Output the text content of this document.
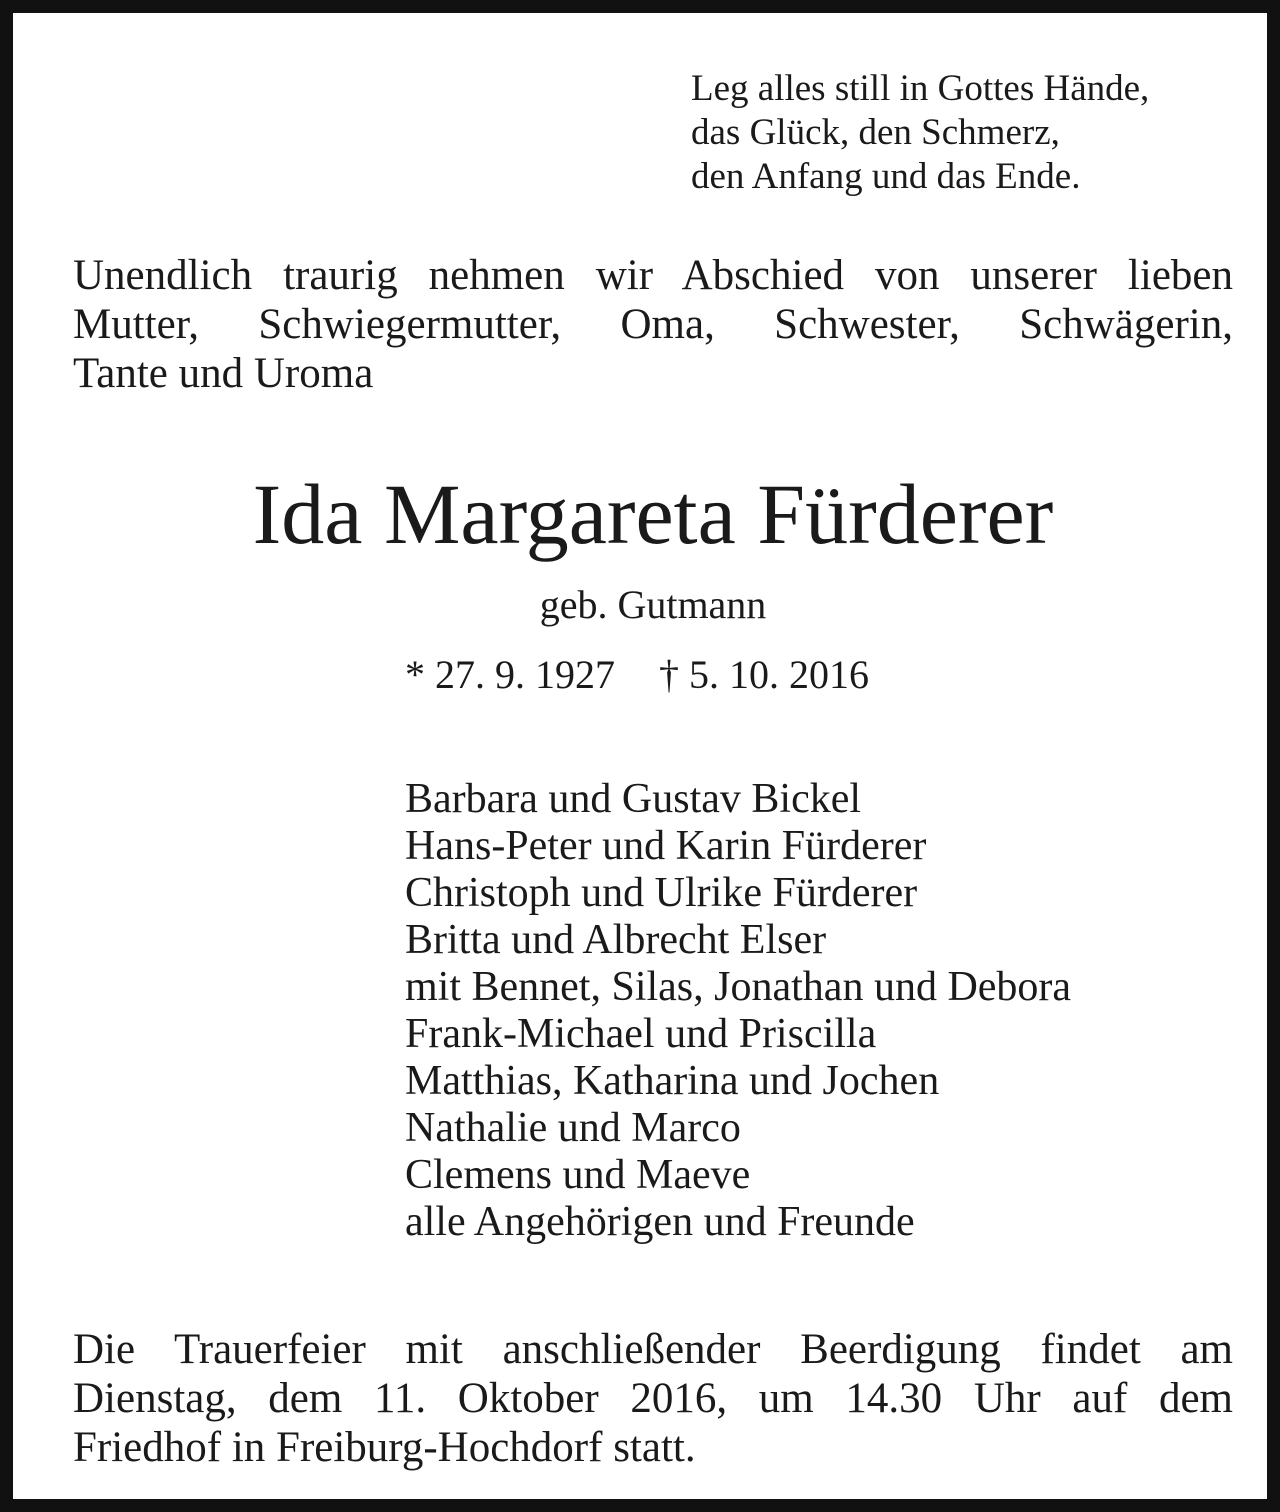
Leg alles still in Gottes Hände,
das Glück, den Schmerz,
den Anfang und das Ende.
Unendlich traurig nehmen wir Abschied von unserer lieben
Mutter, Schwiegermutter, Oma, Schwester, Schwägerin,
Tante und Uroma
Ida Margareta Fürderer
geb. Gutmann
* 27. 9. 1927 † 5. 10. 2016
Barbara und Gustav Bickel
Hans-Peter und Karin Fürderer
Christoph und Ulrike Fürderer
Britta und Albrecht Elser
mit Bennet, Silas, Jonathan und Debora
Frank-Michael und Priscilla
Matthias, Katharina und Jochen
Nathalie und Marco
Clemens und Maeve
alle Angehörigen und Freunde
Die Trauerfeier mit anschließender Beerdigung findet am
Dienstag, dem 11. Oktober 2016, um 14.30 Uhr auf dem
Friedhof in Freiburg-Hochdorf statt.
